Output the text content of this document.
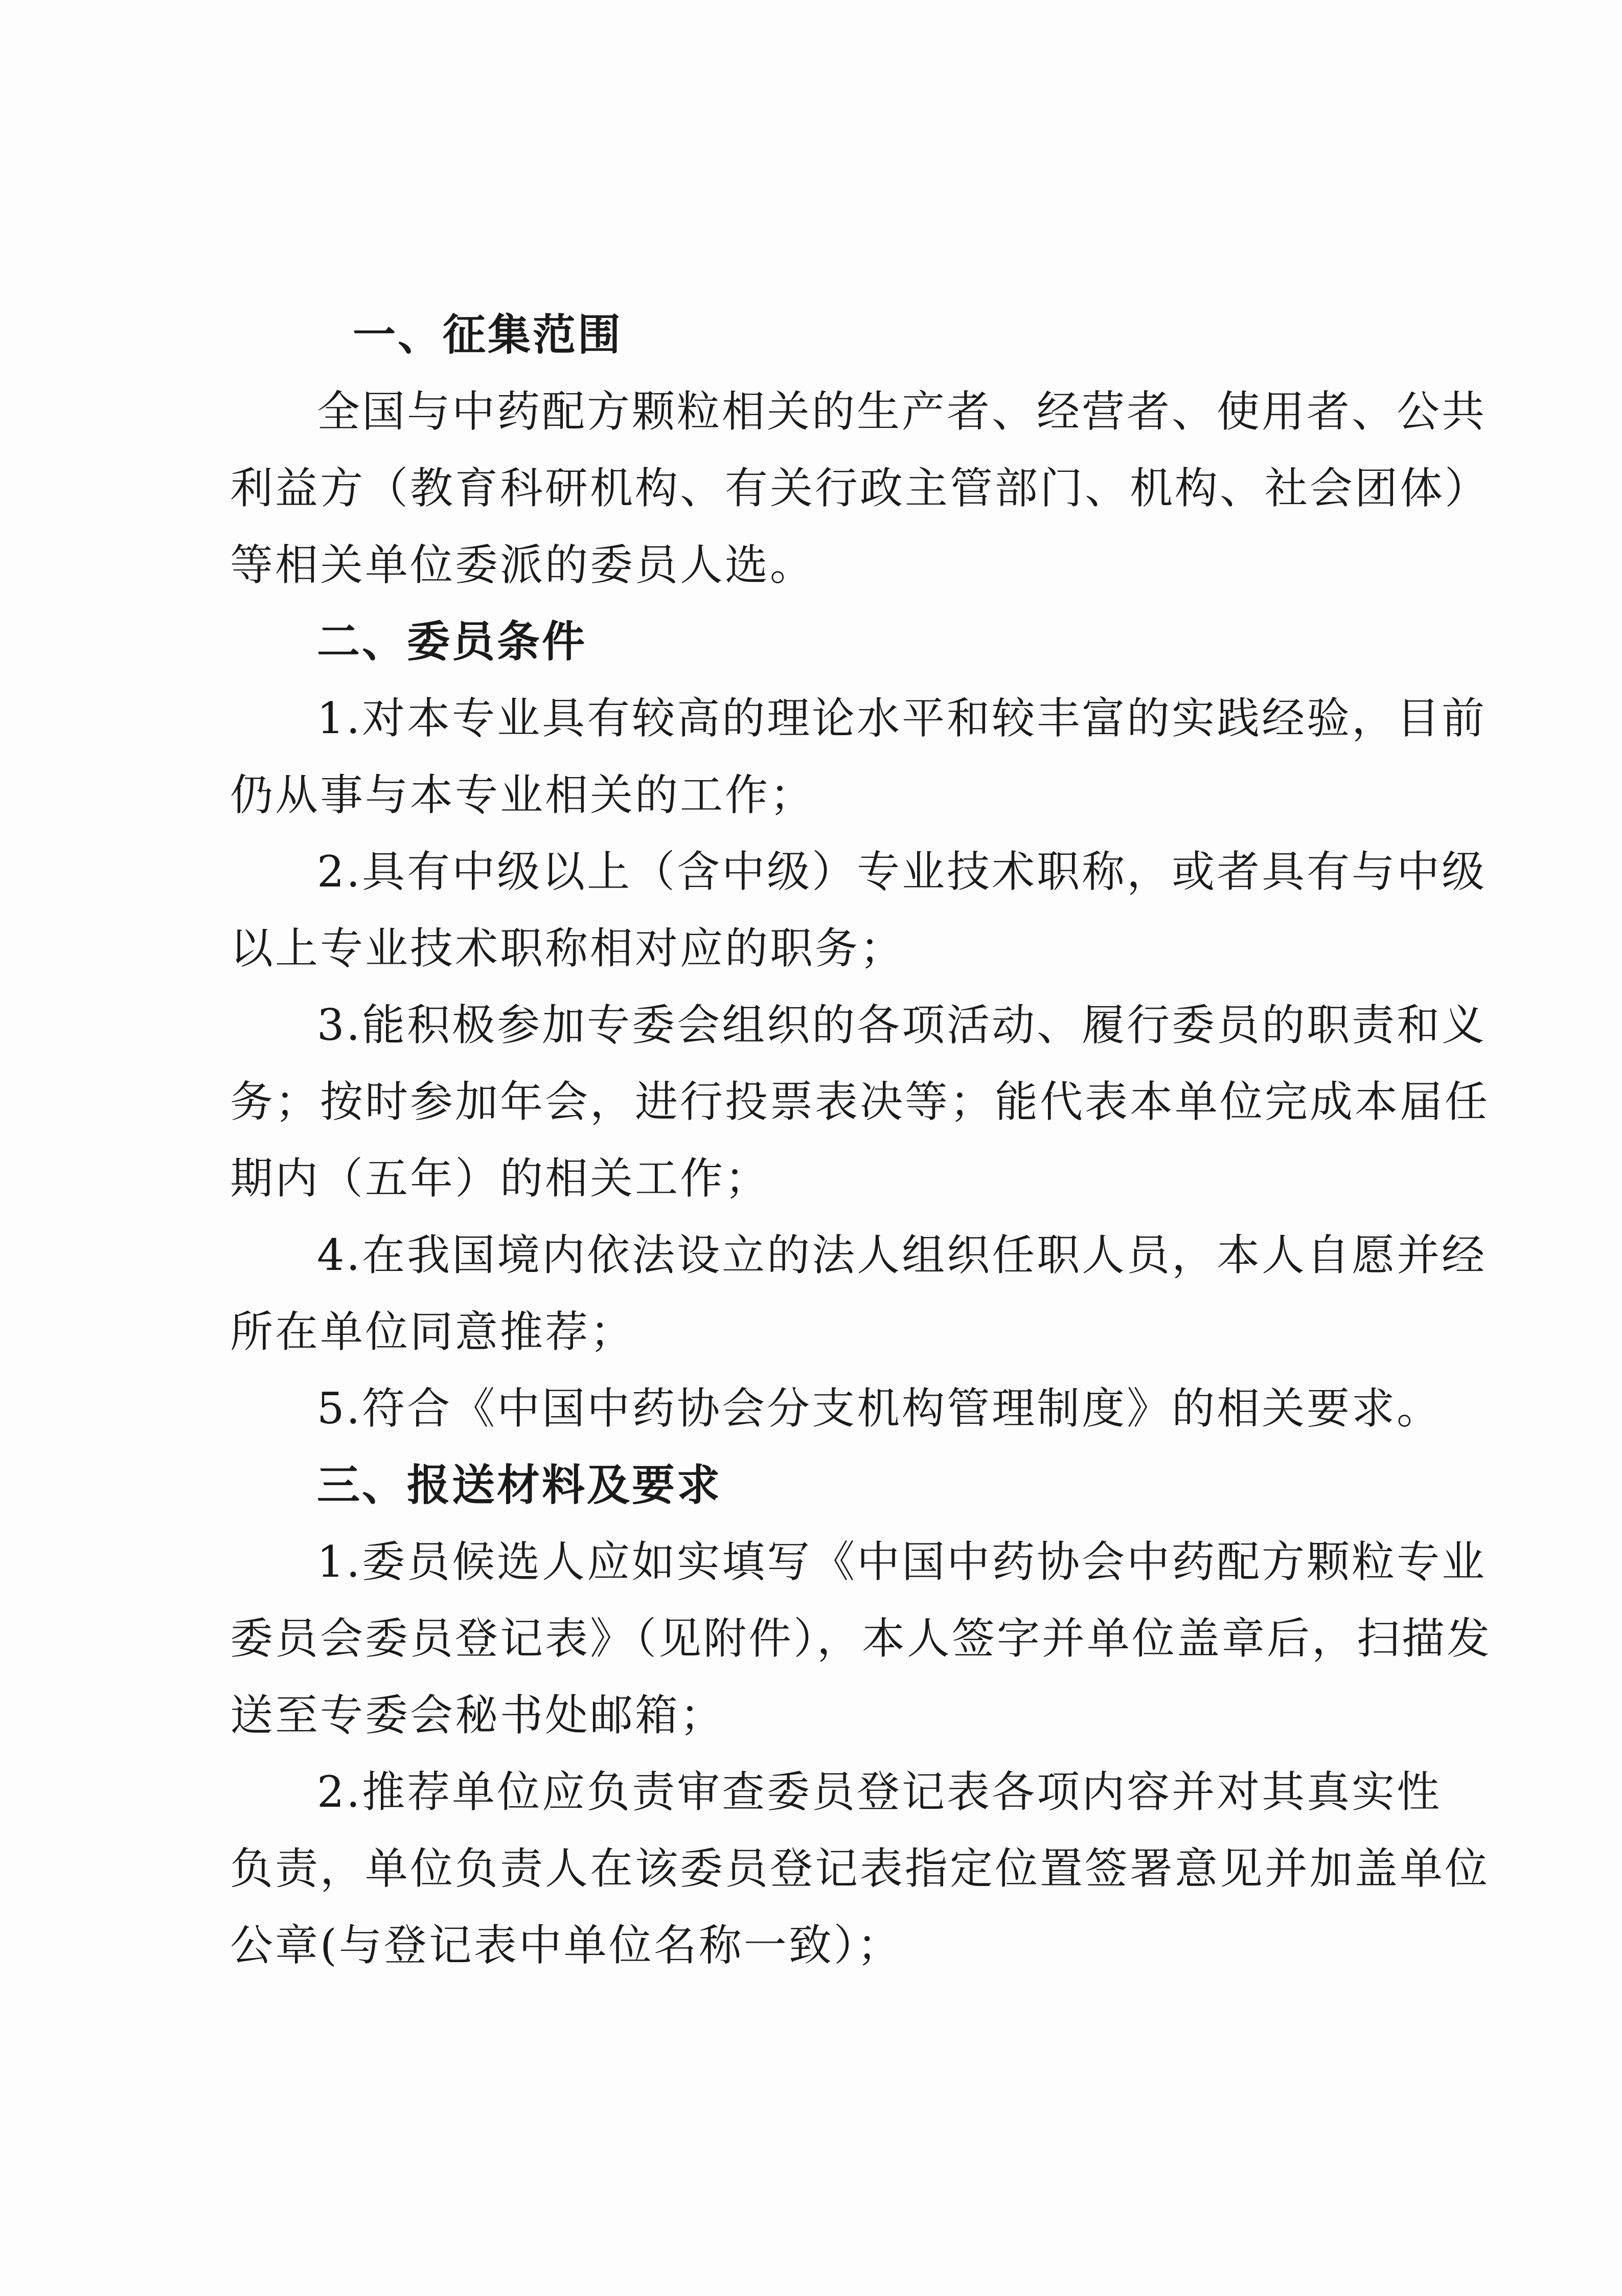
一、征集范围
全国与中药配方颗粒相关的生产者、经营者、使用者、公共
利益方（教育科研机构、有关行政主管部门、机构、社会团体）
等相关单位委派的委员人选。
二、委员条件
1.对本专业具有较高的理论水平和较丰富的实践经验，目前
仍从事与本专业相关的工作；
2.具有中级以上（含中级）专业技术职称，或者具有与中级
以上专业技术职称相对应的职务；
3.能积极参加专委会组织的各项活动、履行委员的职责和义
务；按时参加年会，进行投票表决等；能代表本单位完成本届任
期内（五年）的相关工作；
4.在我国境内依法设立的法人组织任职人员，本人自愿并经
所在单位同意推荐；
5.符合《中国中药协会分支机构管理制度》的相关要求。
三、报送材料及要求
1.委员候选人应如实填写《中国中药协会中药配方颗粒专业
委员会委员登记表》（见附件），本人签字并单位盖章后，扫描发
送至专委会秘书处邮箱；
2.推荐单位应负责审查委员登记表各项内容并对其真实性
负责，单位负责人在该委员登记表指定位置签署意见并加盖单位
公章(与登记表中单位名称一致）；
